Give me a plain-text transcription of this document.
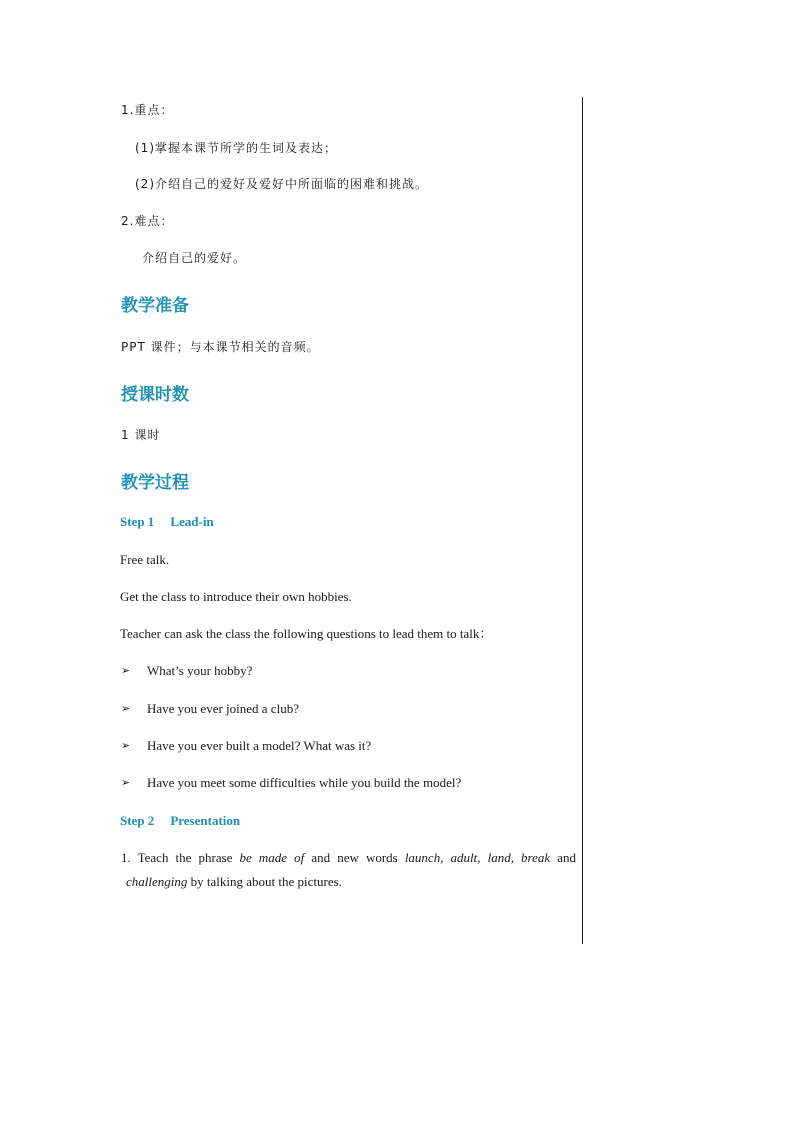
1.重点：
(1)掌握本课节所学的生词及表达；
(2)介绍自己的爱好及爱好中所面临的困难和挑战。
2.难点：
介绍自己的爱好。
教学准备
PPT 课件；与本课节相关的音频。
授课时数
1 课时
教学过程
Step 1 Lead-in
Free talk.
Get the class to introduce their own hobbies.
Teacher can ask the class the following questions to lead them to talk：
➢ What’s your hobby?
➢ Have you ever joined a club?
➢ Have you ever built a model? What was it?
➢ Have you meet some difficulties while you build the model?
Step 2 Presentation
1. Teach the phrase be made of and new words launch, adult, land, break and
challenging by talking about the pictures.
